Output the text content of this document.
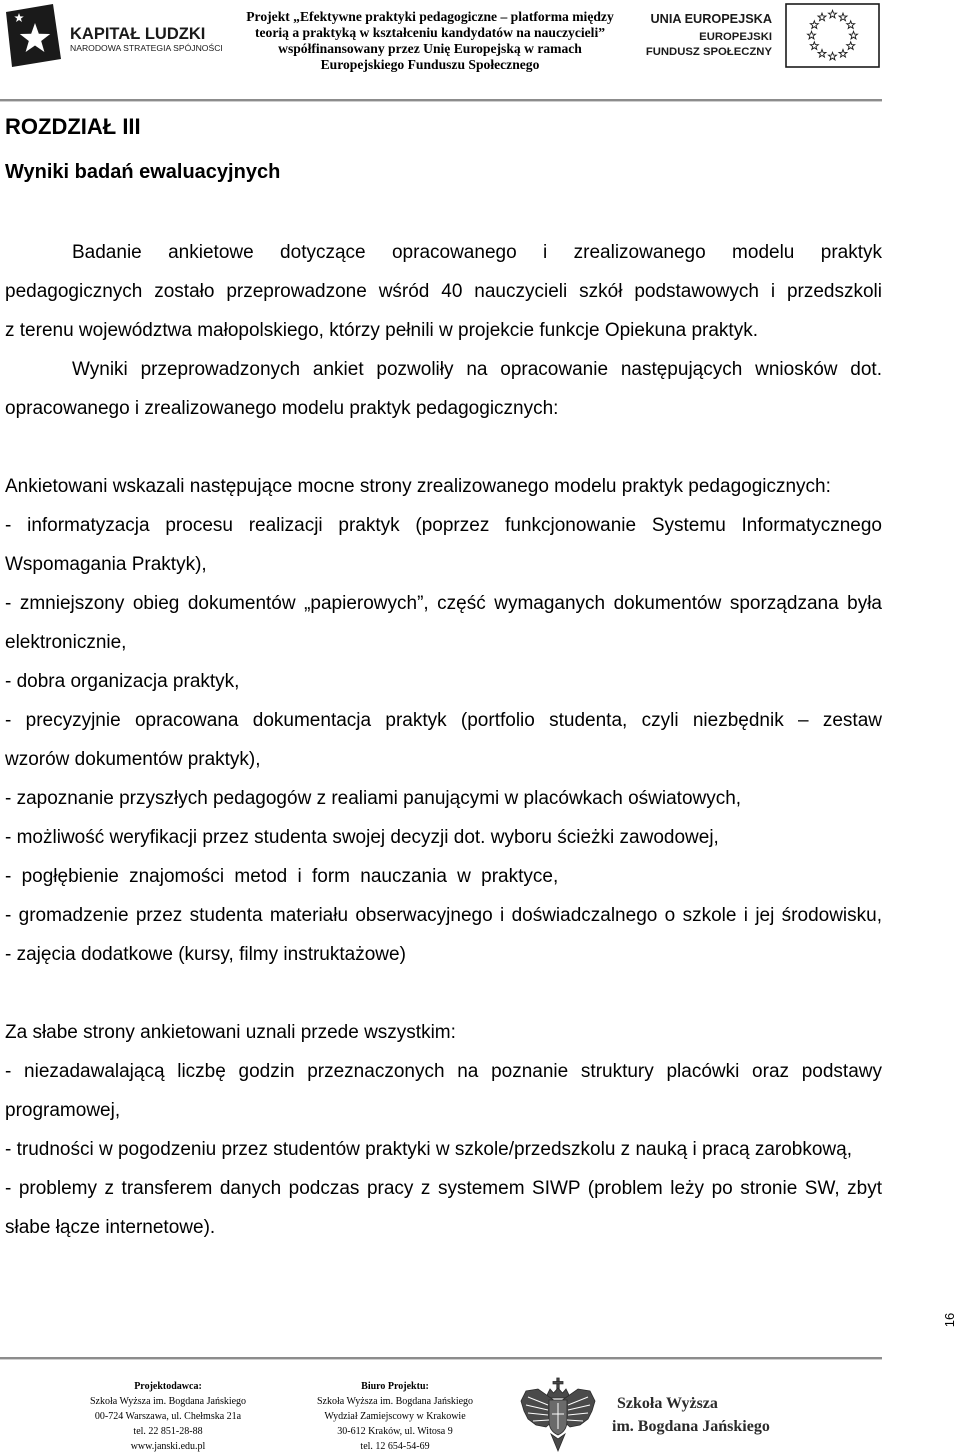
KAPITAŁ LUDZKI
NARODOWA STRATEGIA SPÓJNOŚCI
Projekt „Efektywne praktyki pedagogiczne – platforma między
teorią a praktyką w kształceniu kandydatów na nauczycieli”
współfinansowany przez Unię Europejską w ramach
Europejskiego Funduszu Społecznego
UNIA EUROPEJSKA
EUROPEJSKI
FUNDUSZ SPOŁECZNY
ROZDZIAŁ III
Wyniki badań ewaluacyjnych
Badanie ankietowe dotyczące opracowanego i zrealizowanego modelu praktyk
pedagogicznych zostało przeprowadzone wśród 40 nauczycieli szkół podstawowych i przedszkoli
z terenu województwa małopolskiego, którzy pełnili w projekcie funkcje Opiekuna praktyk.
Wyniki przeprowadzonych ankiet pozwoliły na opracowanie następujących wniosków dot.
opracowanego i zrealizowanego modelu praktyk pedagogicznych:
Ankietowani wskazali następujące mocne strony zrealizowanego modelu praktyk pedagogicznych:
- informatyzacja procesu realizacji praktyk (poprzez funkcjonowanie Systemu Informatycznego
Wspomagania Praktyk),
- zmniejszony obieg dokumentów „papierowych”, część wymaganych dokumentów sporządzana była
elektronicznie,
- dobra organizacja praktyk,
- precyzyjnie opracowana dokumentacja praktyk (portfolio studenta, czyli niezbędnik – zestaw
wzorów dokumentów praktyk),
- zapoznanie przyszłych pedagogów z realiami panującymi w placówkach oświatowych,
- możliwość weryfikacji przez studenta swojej decyzji dot. wyboru ścieżki zawodowej,
- pogłębienie znajomości metod i form nauczania w praktyce,
- gromadzenie przez studenta materiału obserwacyjnego i doświadczalnego o szkole i jej środowisku,
- zajęcia dodatkowe (kursy, filmy instruktażowe)
Za słabe strony ankietowani uznali przede wszystkim:
- niezadawalającą liczbę godzin przeznaczonych na poznanie struktury placówki oraz podstawy
programowej,
- trudności w pogodzeniu przez studentów praktyki w szkole/przedszkolu z nauką i pracą zarobkową,
- problemy z transferem danych podczas pracy z systemem SIWP (problem leży po stronie SW, zbyt
słabe łącze internetowe).
16
Projektodawca:
Szkoła Wyższa im. Bogdana Jańskiego
00-724 Warszawa, ul. Chełmska 21a
tel. 22 851-28-88
www.janski.edu.pl
Biuro Projektu:
Szkoła Wyższa im. Bogdana Jańskiego
Wydział Zamiejscowy w Krakowie
30-612 Kraków, ul. Witosa 9
tel. 12 654-54-69
Szkoła Wyższa
im. Bogdana Jańskiego
